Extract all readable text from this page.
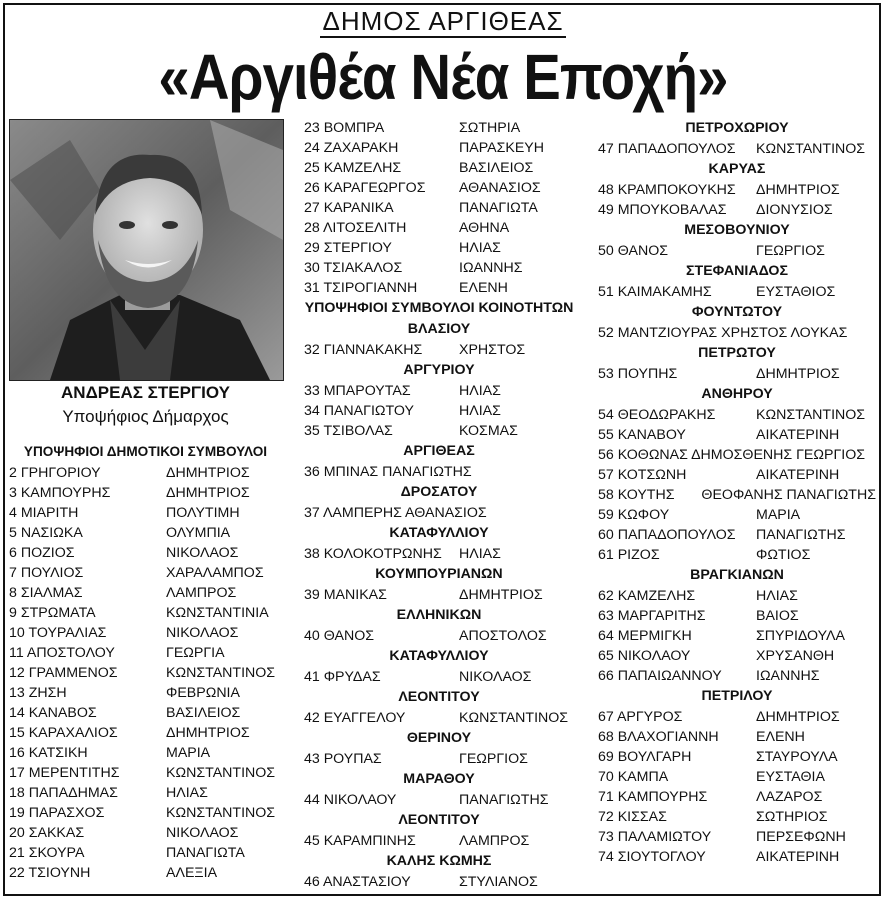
ΔΗΜΟΣ ΑΡΓΙΘΕΑΣ
«Αργιθέα Νέα Εποχή»
ΑΝΔΡΕΑΣ ΣΤΕΡΓΙΟΥ
Υποψήφιος Δήμαρχος
ΥΠΟΨΗΦΙΟΙ ΔΗΜΟΤΙΚΟΙ ΣΥΜΒΟΥΛΟΙ
2 ΓΡΗΓΟΡΙΟΥ	ΔΗΜΗΤΡΙΟΣ
3 ΚΑΜΠΟΥΡΗΣ	ΔΗΜΗΤΡΙΟΣ
4 ΜΙΑΡΙΤΗ	ΠΟΛΥΤΙΜΗ
5 ΝΑΣΙΩΚΑ	ΟΛΥΜΠΙΑ
6 ΠΟΖΙΟΣ	ΝΙΚΟΛΑΟΣ
7 ΠΟΥΛΙΟΣ	ΧΑΡΑΛΑΜΠΟΣ
8 ΣΙΑΛΜΑΣ	ΛΑΜΠΡΟΣ
9 ΣΤΡΩΜΑΤΑ	ΚΩΝΣΤΑΝΤΙΝΙΑ
10 ΤΟΥΡΑΛΙΑΣ	ΝΙΚΟΛΑΟΣ
11 ΑΠΟΣΤΟΛΟΥ	ΓΕΩΡΓΙΑ
12 ΓΡΑΜΜΕΝΟΣ	ΚΩΝΣΤΑΝΤΙΝΟΣ
13 ΖΗΣΗ	ΦΕΒΡΩΝΙΑ
14 ΚΑΝΑΒΟΣ	ΒΑΣΙΛΕΙΟΣ
15 ΚΑΡΑΧΑΛΙΟΣ	ΔΗΜΗΤΡΙΟΣ
16 ΚΑΤΣΙΚΗ	ΜΑΡΙΑ
17 ΜΕΡΕΝΤΙΤΗΣ	ΚΩΝΣΤΑΝΤΙΝΟΣ
18 ΠΑΠΑΔΗΜΑΣ	ΗΛΙΑΣ
19 ΠΑΡΑΣΧΟΣ	ΚΩΝΣΤΑΝΤΙΝΟΣ
20 ΣΑΚΚΑΣ	ΝΙΚΟΛΑΟΣ
21 ΣΚΟΥΡΑ	ΠΑΝΑΓΙΩΤΑ
22 ΤΣΙΟΥΝΗ	ΑΛΕΞΙΑ
23 ΒΟΜΠΡΑ	ΣΩΤΗΡΙΑ
24 ΖΑΧΑΡΑΚΗ	ΠΑΡΑΣΚΕΥΗ
25 ΚΑΜΖΕΛΗΣ	ΒΑΣΙΛΕΙΟΣ
26 ΚΑΡΑΓΕΩΡΓΟΣ	ΑΘΑΝΑΣΙΟΣ
27 ΚΑΡΑΝΙΚΑ	ΠΑΝΑΓΙΩΤΑ
28 ΛΙΤΟΣΕΛΙΤΗ	ΑΘΗΝΑ
29 ΣΤΕΡΓΙΟΥ	ΗΛΙΑΣ
30 ΤΣΙΑΚΑΛΟΣ	ΙΩΑΝΝΗΣ
31 ΤΣΙΡΟΓΙΑΝΝΗ	ΕΛΕΝΗ
ΥΠΟΨΗΦΙΟΙ ΣΥΜΒΟΥΛΟΙ ΚΟΙΝΟΤΗΤΩΝ
ΒΛΑΣΙΟΥ
32 ΓΙΑΝΝΑΚΑΚΗΣ	ΧΡΗΣΤΟΣ
ΑΡΓΥΡΙΟΥ
33 ΜΠΑΡΟΥΤΑΣ	ΗΛΙΑΣ
34 ΠΑΝΑΓΙΩΤΟΥ	ΗΛΙΑΣ
35 ΤΣΙΒΟΛΑΣ	ΚΟΣΜΑΣ
ΑΡΓΙΘΕΑΣ
36 ΜΠΙΝΑΣ ΠΑΝΑΓΙΩΤΗΣ
ΔΡΟΣΑΤΟΥ
37 ΛΑΜΠΕΡΗΣ ΑΘΑΝΑΣΙΟΣ
ΚΑΤΑΦΥΛΛΙΟΥ
38 ΚΟΛΟΚΟΤΡΩΝΗΣ	ΗΛΙΑΣ
ΚΟΥΜΠΟΥΡΙΑΝΩΝ
39 ΜΑΝΙΚΑΣ	ΔΗΜΗΤΡΙΟΣ
ΕΛΛΗΝΙΚΩΝ
40 ΘΑΝΟΣ	ΑΠΟΣΤΟΛΟΣ
ΚΑΤΑΦΥΛΛΙΟΥ
41 ΦΡΥΔΑΣ	ΝΙΚΟΛΑΟΣ
ΛΕΟΝΤΙΤΟΥ
42 ΕΥΑΓΓΕΛΟΥ	ΚΩΝΣΤΑΝΤΙΝΟΣ
ΘΕΡΙΝΟΥ
43 ΡΟΥΠΑΣ	ΓΕΩΡΓΙΟΣ
ΜΑΡΑΘΟΥ
44 ΝΙΚΟΛΑΟΥ	ΠΑΝΑΓΙΩΤΗΣ
ΛΕΟΝΤΙΤΟΥ
45 ΚΑΡΑΜΠΙΝΗΣ	ΛΑΜΠΡΟΣ
ΚΑΛΗΣ ΚΩΜΗΣ
46 ΑΝΑΣΤΑΣΙΟΥ	ΣΤΥΛΙΑΝΟΣ
ΠΕΤΡΟΧΩΡΙΟΥ
47 ΠΑΠΑΔΟΠΟΥΛΟΣ	ΚΩΝΣΤΑΝΤΙΝΟΣ
ΚΑΡΥΑΣ
48 ΚΡΑΜΠΟΚΟΥΚΗΣ	ΔΗΜΗΤΡΙΟΣ
49 ΜΠΟΥΚΟΒΑΛΑΣ	ΔΙΟΝΥΣΙΟΣ
ΜΕΣΟΒΟΥΝΙΟΥ
50 ΘΑΝΟΣ	ΓΕΩΡΓΙΟΣ
ΣΤΕΦΑΝΙΑΔΟΣ
51 ΚΑΙΜΑΚΑΜΗΣ	ΕΥΣΤΑΘΙΟΣ
ΦΟΥΝΤΩΤΟΥ
52 ΜΑΝΤΖΙΟΥΡΑΣ ΧΡΗΣΤΟΣ ΛΟΥΚΑΣ
ΠΕΤΡΩΤΟΥ
53 ΠΟΥΠΗΣ	ΔΗΜΗΤΡΙΟΣ
ΑΝΘΗΡΟΥ
54 ΘΕΟΔΩΡΑΚΗΣ	ΚΩΝΣΤΑΝΤΙΝΟΣ
55 ΚΑΝΑΒΟΥ	ΑΙΚΑΤΕΡΙΝΗ
56 ΚΟΘΩΝΑΣ ΔΗΜΟΣΘΕΝΗΣ ΓΕΩΡΓΙΟΣ
57 ΚΟΤΣΩΝΗ	ΑΙΚΑΤΕΡΙΝΗ
58 ΚΟΥΤΗΣ	ΘΕΟΦΑΝΗΣ ΠΑΝΑΓΙΩΤΗΣ
59 ΚΩΦΟΥ	ΜΑΡΙΑ
60 ΠΑΠΑΔΟΠΟΥΛΟΣ	ΠΑΝΑΓΙΩΤΗΣ
61 ΡΙΖΟΣ	ΦΩΤΙΟΣ
ΒΡΑΓΚΙΑΝΩΝ
62 ΚΑΜΖΕΛΗΣ	ΗΛΙΑΣ
63 ΜΑΡΓΑΡΙΤΗΣ	ΒΑΙΟΣ
64 ΜΕΡΜΙΓΚΗ	ΣΠΥΡΙΔΟΥΛΑ
65 ΝΙΚΟΛΑΟΥ	ΧΡΥΣΑΝΘΗ
66 ΠΑΠΑΙΩΑΝΝΟΥ	ΙΩΑΝΝΗΣ
ΠΕΤΡΙΛΟΥ
67 ΑΡΓΥΡΟΣ	ΔΗΜΗΤΡΙΟΣ
68 ΒΛΑΧΟΓΙΑΝΝΗ	ΕΛΕΝΗ
69 ΒΟΥΛΓΑΡΗ	ΣΤΑΥΡΟΥΛΑ
70 ΚΑΜΠΑ	ΕΥΣΤΑΘΙΑ
71 ΚΑΜΠΟΥΡΗΣ	ΛΑΖΑΡΟΣ
72 ΚΙΣΣΑΣ	ΣΩΤΗΡΙΟΣ
73 ΠΑΛΑΜΙΩΤΟΥ	ΠΕΡΣΕΦΩΝΗ
74 ΣΙΟΥΤΟΓΛΟΥ	ΑΙΚΑΤΕΡΙΝΗ
